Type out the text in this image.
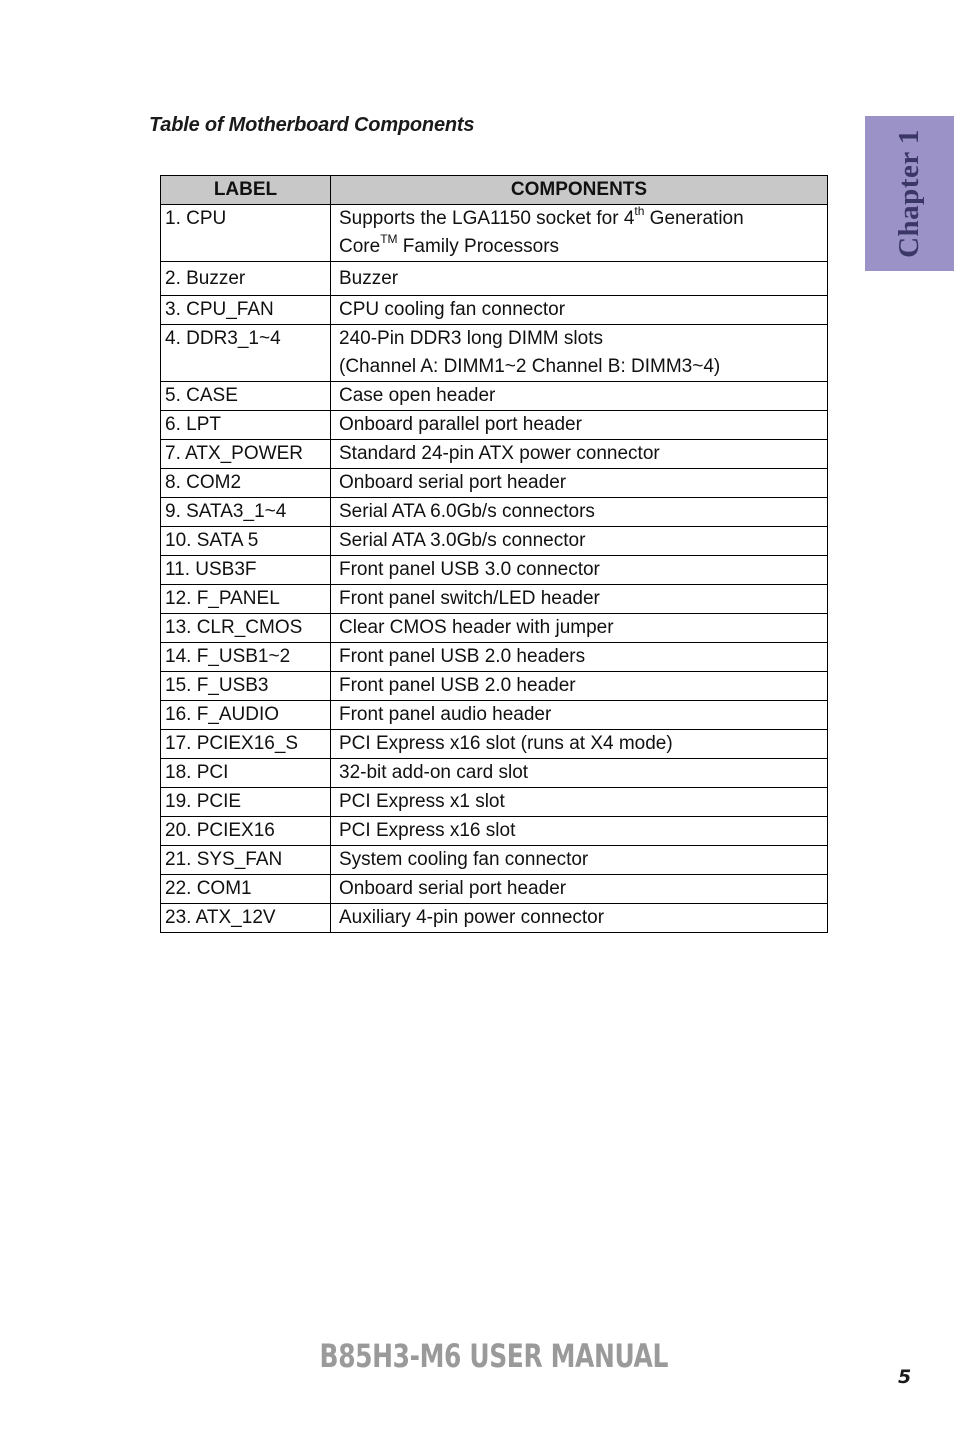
Table of Motherboard Components
Chapter 1
LABEL	COMPONENTS
1. CPU	Supports the LGA1150 socket for 4th Generation
Core™ Family Processors

2. Buzzer	Buzzer

3. CPU_FAN	CPU cooling fan connector

4. DDR3_1~4	240-Pin DDR3 long DIMM slots
(Channel A: DIMM1~2 Channel B: DIMM3~4)

5. CASE	Case open header

6. LPT	Onboard parallel port header

7. ATX_POWER	Standard 24-pin ATX power connector

8. COM2	Onboard serial port header

9. SATA3_1~4	Serial ATA 6.0Gb/s connectors

10. SATA 5	Serial ATA 3.0Gb/s connector

11. USB3F	Front panel USB 3.0 connector

12. F_PANEL	Front panel switch/LED header

13. CLR_CMOS	Clear CMOS header with jumper

14. F_USB1~2	Front panel USB 2.0 headers

15. F_USB3	Front panel USB 2.0 header

16. F_AUDIO	Front panel audio header

17. PCIEX16_S	PCI Express x16 slot (runs at X4 mode)

18. PCI	32-bit add-on card slot

19. PCIE	PCI Express x1 slot

20. PCIEX16	PCI Express x16 slot

21. SYS_FAN	System cooling fan connector

22. COM1	Onboard serial port header

23. ATX_12V	Auxiliary 4-pin power connector
B85H3-M6 USER MANUAL
5
